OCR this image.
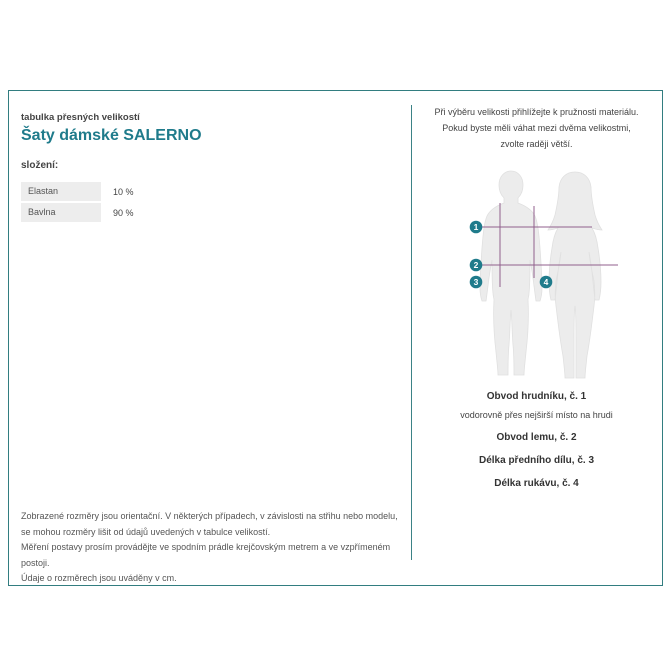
tabulka přesných velikostí
Šaty dámské SALERNO
složení:
Elastan	10 %
Bavlna	90 %
Zobrazené rozměry jsou orientační. V některých případech, v závislosti na střihu nebo modelu,
se mohou rozměry lišit od údajů uvedených v tabulce velikostí.
Měření postavy prosím provádějte ve spodním prádle krejčovským metrem a ve vzpřímeném postoji.
Údaje o rozměrech jsou uváděny v cm.
Při výběru velikosti přihlížejte k pružnosti materiálu.
Pokud byste měli váhat mezi dvěma velikostmi,
zvolte raději větší.
1
2
3	4
Obvod hrudníku, č. 1
vodorovně přes nejširší místo na hrudi
Obvod lemu, č. 2
Délka předního dílu, č. 3
Délka rukávu, č. 4
